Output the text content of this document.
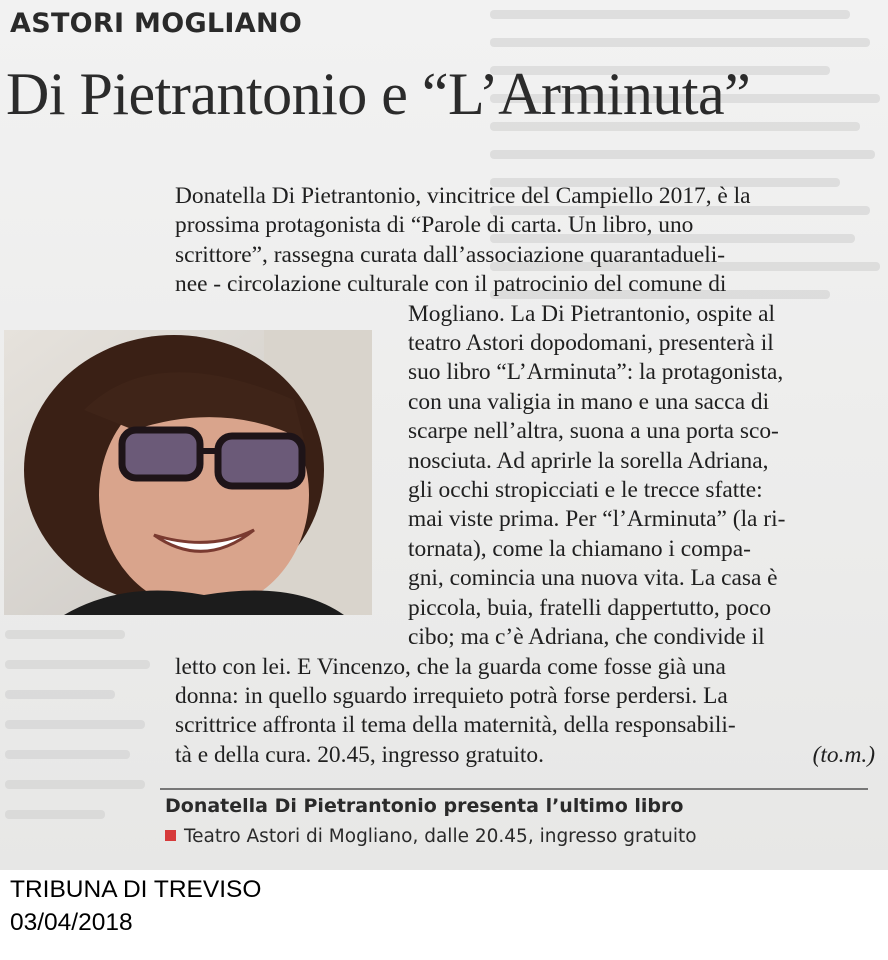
ASTORI MOGLIANO
Di Pietrantonio e “L’Arminuta”
Donatella Di Pietrantonio, vincitrice del Campiello 2017, è la
prossima protagonista di “Parole di carta. Un libro, uno
scrittore”, rassegna curata dall’associazione quarantadueli-
nee - circolazione culturale con il patrocinio del comune di
Mogliano. La Di Pietrantonio, ospite al
teatro Astori dopodomani, presenterà il
suo libro “L’Arminuta”: la protagonista,
con una valigia in mano e una sacca di
scarpe nell’altra, suona a una porta sco-
nosciuta. Ad aprirle la sorella Adriana,
gli occhi stropicciati e le trecce sfatte:
mai viste prima. Per “l’Arminuta” (la ri-
tornata), come la chiamano i compa-
gni, comincia una nuova vita. La casa è
piccola, buia, fratelli dappertutto, poco
cibo; ma c’è Adriana, che condivide il
letto con lei. E Vincenzo, che la guarda come fosse già una
donna: in quello sguardo irrequieto potrà forse perdersi. La
scrittrice affronta il tema della maternità, della responsabili-
tà e della cura. 20.45, ingresso gratuito.	(to.m.)
Donatella Di Pietrantonio presenta l’ultimo libro
Teatro Astori di Mogliano, dalle 20.45, ingresso gratuito
TRIBUNA DI TREVISO
03/04/2018
